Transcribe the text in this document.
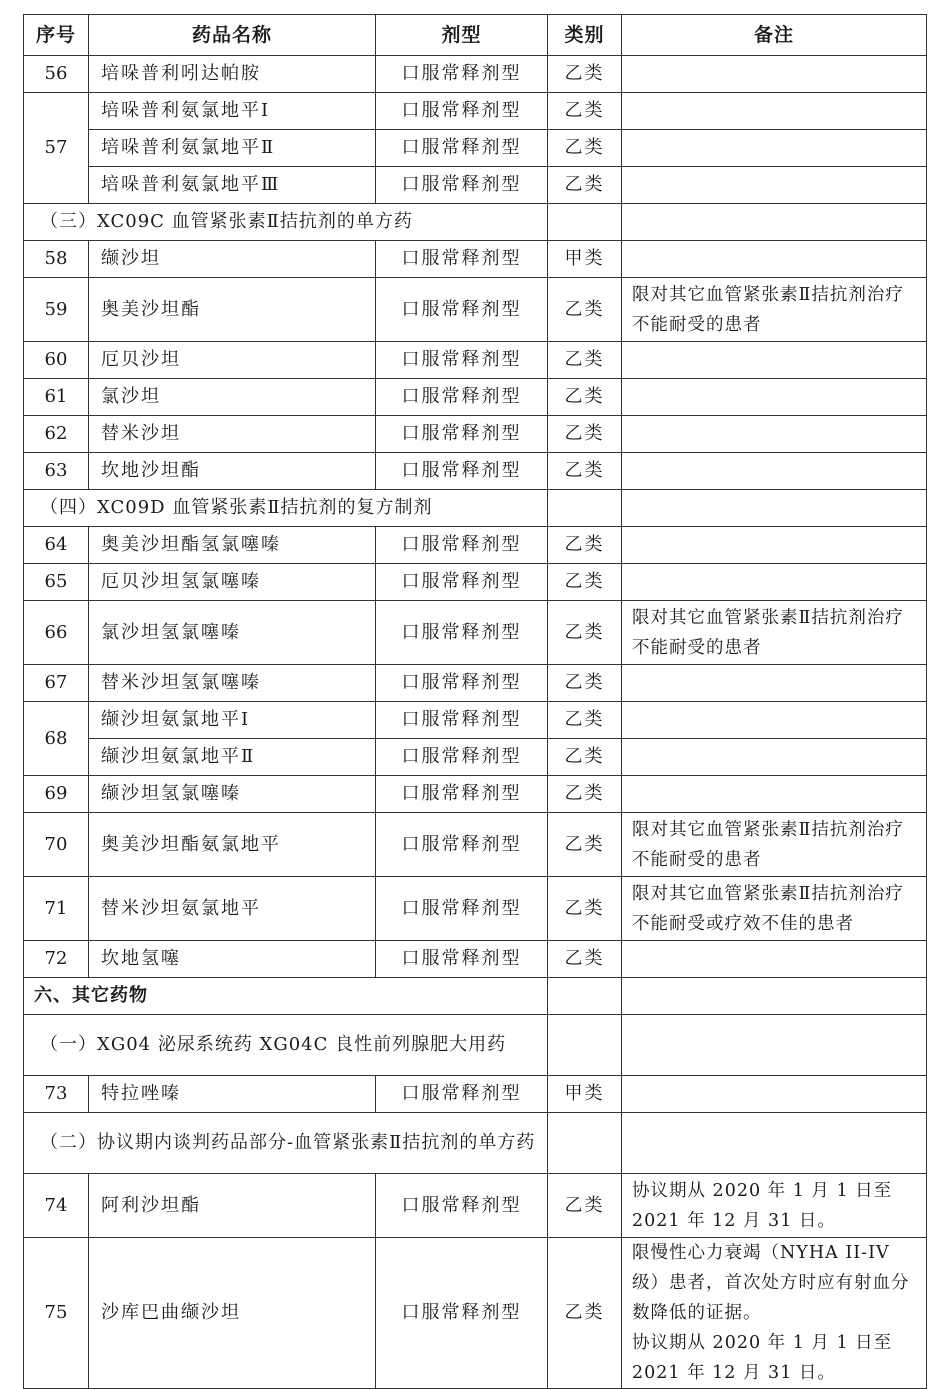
序号	药品名称	剂型	类别	备注
56	培哚普利吲达帕胺	口服常释剂型	乙类	
57	培哚普利氨氯地平Ⅰ	口服常释剂型	乙类	
	培哚普利氨氯地平Ⅱ	口服常释剂型	乙类	
	培哚普利氨氯地平Ⅲ	口服常释剂型	乙类	
（三）XC09C 血管紧张素Ⅱ拮抗剂的单方药				
58	缬沙坦	口服常释剂型	甲类	
59	奥美沙坦酯	口服常释剂型	乙类	限对其它血管紧张素Ⅱ拮抗剂治疗不能耐受的患者
60	厄贝沙坦	口服常释剂型	乙类	
61	氯沙坦	口服常释剂型	乙类	
62	替米沙坦	口服常释剂型	乙类	
63	坎地沙坦酯	口服常释剂型	乙类	
（四）XC09D 血管紧张素Ⅱ拮抗剂的复方制剂				
64	奥美沙坦酯氢氯噻嗪	口服常释剂型	乙类	
65	厄贝沙坦氢氯噻嗪	口服常释剂型	乙类	
66	氯沙坦氢氯噻嗪	口服常释剂型	乙类	限对其它血管紧张素Ⅱ拮抗剂治疗不能耐受的患者
67	替米沙坦氢氯噻嗪	口服常释剂型	乙类	
68	缬沙坦氨氯地平Ⅰ	口服常释剂型	乙类	
	缬沙坦氨氯地平Ⅱ	口服常释剂型	乙类	
69	缬沙坦氢氯噻嗪	口服常释剂型	乙类	
70	奥美沙坦酯氨氯地平	口服常释剂型	乙类	限对其它血管紧张素Ⅱ拮抗剂治疗不能耐受的患者
71	替米沙坦氨氯地平	口服常释剂型	乙类	限对其它血管紧张素Ⅱ拮抗剂治疗不能耐受或疗效不佳的患者
72	坎地氢噻	口服常释剂型	乙类	
六、其它药物				
（一）XG04 泌尿系统药 XG04C 良性前列腺肥大用药				
73	特拉唑嗪	口服常释剂型	甲类	
（二）协议期内谈判药品部分-血管紧张素Ⅱ拮抗剂的单方药				
74	阿利沙坦酯	口服常释剂型	乙类	协议期从 2020 年 1 月 1 日至 2021 年 12 月 31 日。
75	沙库巴曲缬沙坦	口服常释剂型	乙类	限慢性心力衰竭（NYHA II-IV 级）患者，首次处方时应有射血分数降低的证据。
协议期从 2020 年 1 月 1 日至 2021 年 12 月 31 日。
